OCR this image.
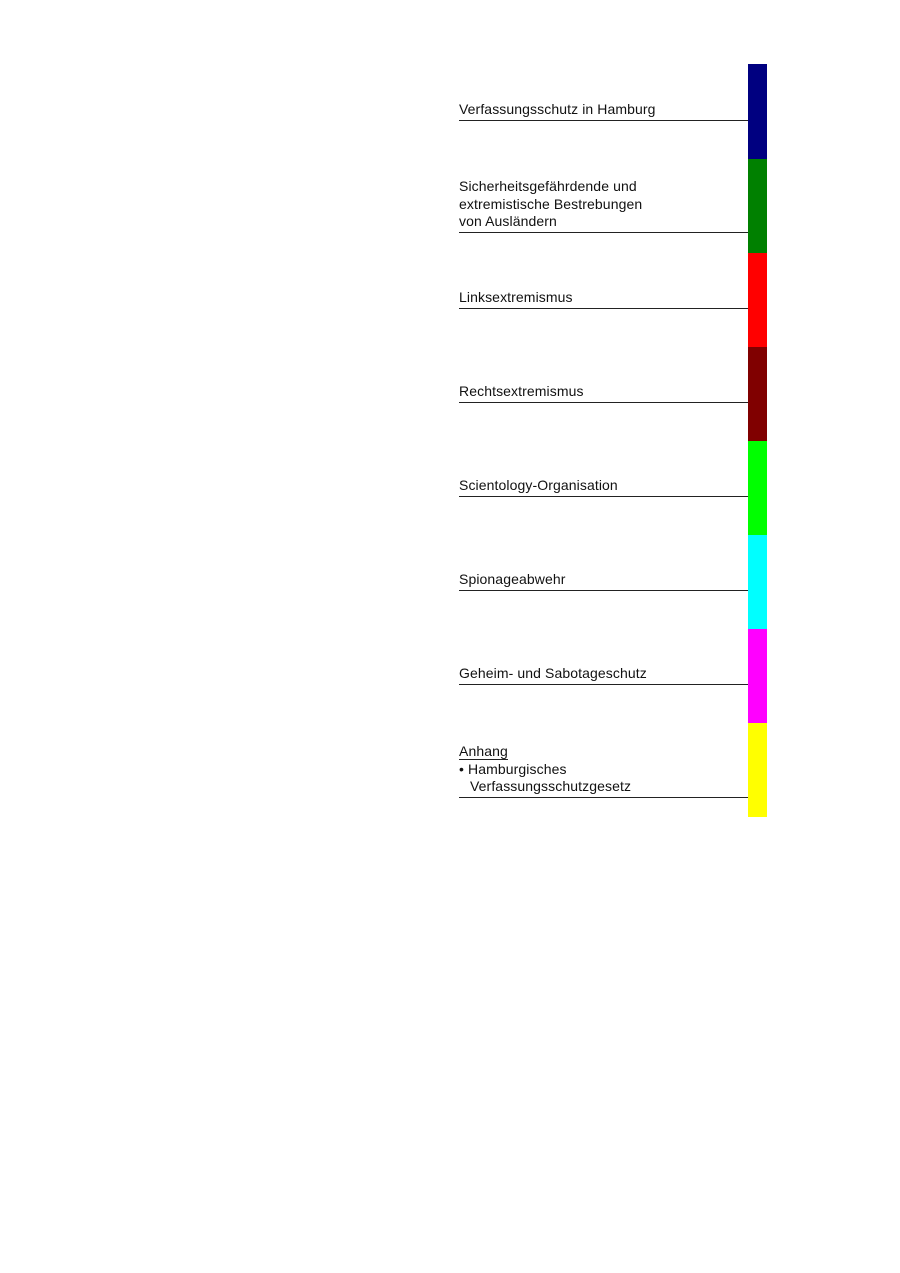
Verfassungsschutz in Hamburg
Sicherheitsgefährdende und
extremistische Bestrebungen
von Ausländern
Linksextremismus
Rechtsextremismus
Scientology-Organisation
Spionageabwehr
Geheim- und Sabotageschutz
Anhang
• Hamburgisches
Verfassungsschutzgesetz
